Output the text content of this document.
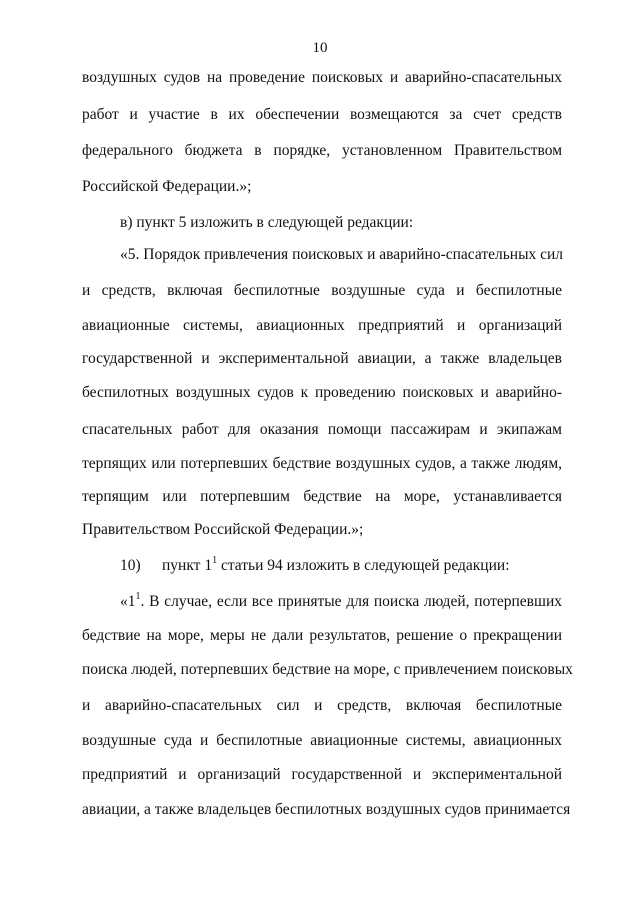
10
воздушных судов на проведение поисковых и аварийно-спасательных
работ и участие в их обеспечении возмещаются за счет средств
федерального бюджета в порядке, установленном Правительством
Российской Федерации.»;
в) пункт 5 изложить в следующей редакции:
«5. Порядок привлечения поисковых и аварийно-спасательных сил
и средств, включая беспилотные воздушные суда и беспилотные
авиационные системы, авиационных предприятий и организаций
государственной и экспериментальной авиации, а также владельцев
беспилотных воздушных судов к проведению поисковых и аварийно-
спасательных работ для оказания помощи пассажирам и экипажам
терпящих или потерпевших бедствие воздушных судов, а также людям,
терпящим или потерпевшим бедствие на море, устанавливается
Правительством Российской Федерации.»;
10) пункт $1^1$ статьи 94 изложить в следующей редакции:
«$1^1$. В случае, если все принятые для поиска людей, потерпевших
бедствие на море, меры не дали результатов, решение о прекращении
поиска людей, потерпевших бедствие на море, с привлечением поисковых
и аварийно-спасательных сил и средств, включая беспилотные
воздушные суда и беспилотные авиационные системы, авиационных
предприятий и организаций государственной и экспериментальной
авиации, а также владельцев беспилотных воздушных судов принимается
